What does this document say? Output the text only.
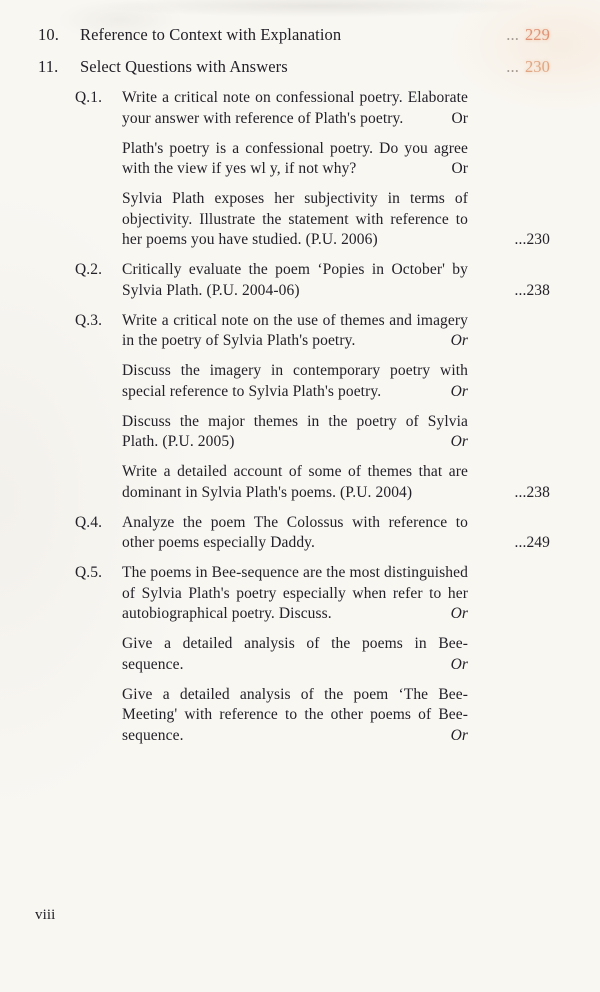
10.	Reference to Context with Explanation	... 229
11.	Select Questions with Answers	... 230
Q.1.	Write a critical note on confessional poetry. Elaborate your answer with reference of Plath's poetry.	Or
Plath's poetry is a confessional poetry. Do you agree with the view if yes wl y, if not why?	Or
Sylvia Plath exposes her subjectivity in terms of objectivity. Illustrate the statement with reference to her poems you have studied. (P.U. 2006)	...230
Q.2.	Critically evaluate the poem ‘Popies in October' by Sylvia Plath. (P.U. 2004-06)	...238
Q.3.	Write a critical note on the use of themes and imagery in the poetry of Sylvia Plath's poetry.	Or
Discuss the imagery in contemporary poetry with special reference to Sylvia Plath's poetry.	Or
Discuss the major themes in the poetry of Sylvia Plath. (P.U. 2005)	Or
Write a detailed account of some of themes that are dominant in Sylvia Plath's poems. (P.U. 2004)	...238
Q.4.	Analyze the poem The Colossus with reference to other poems especially Daddy.	...249
Q.5.	The poems in Bee-sequence are the most distinguished of Sylvia Plath's poetry especially when refer to her autobiographical poetry. Discuss.	Or
Give a detailed analysis of the poems in Bee-sequence.	Or
Give a detailed analysis of the poem ‘The Bee-Meeting' with reference to the other poems of Bee-sequence.	Or
viii
